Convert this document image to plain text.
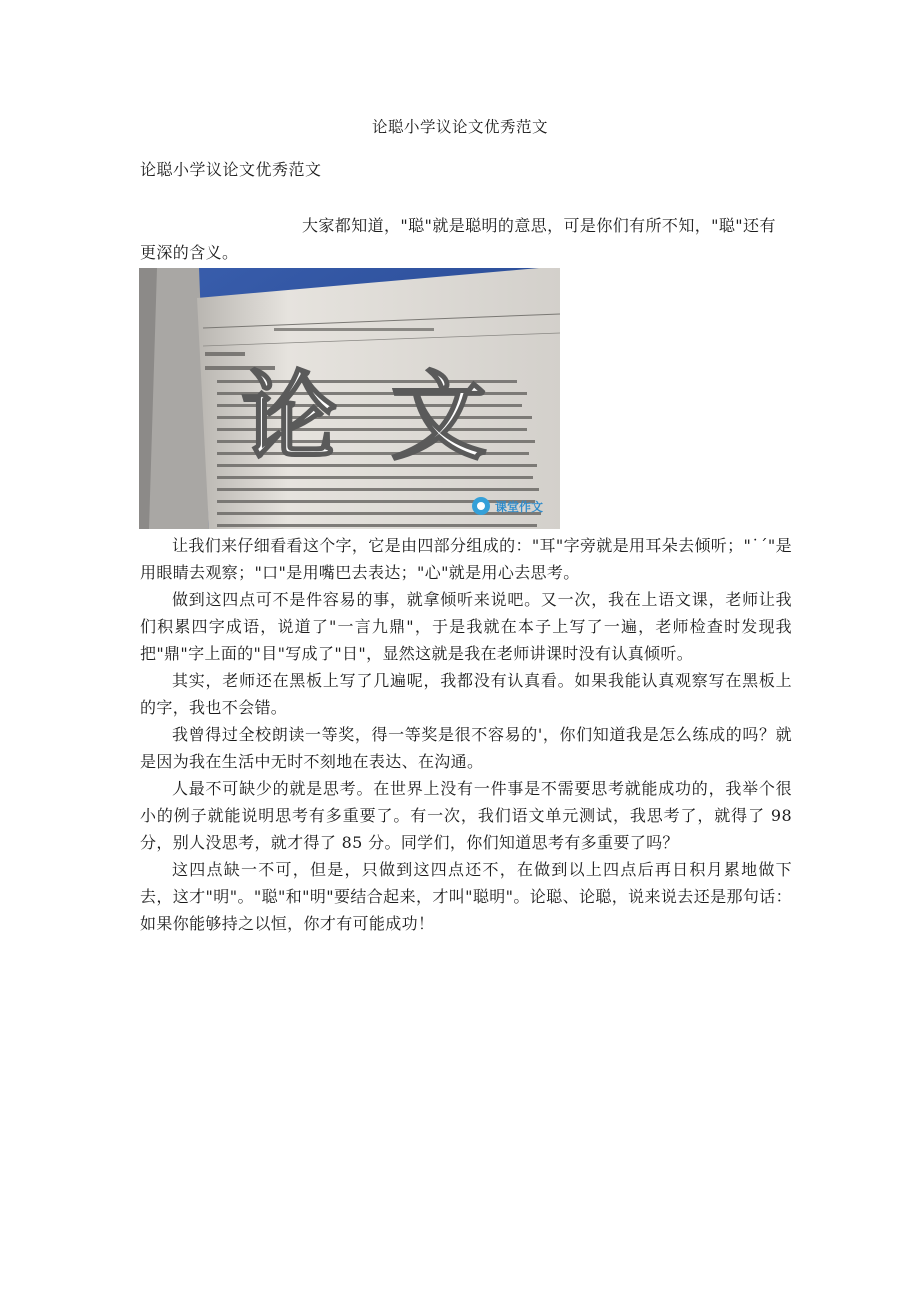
论聪小学议论文优秀范文
论聪小学议论文优秀范文
大家都知道，"聪"就是聪明的意思，可是你们有所不知，"聪"还有
更深的含义。
论 文
课堂作文

让我们来仔细看看这个字，它是由四部分组成的："耳"字旁就是用耳朵去倾听；"˙ˊ"是用眼睛去观察；"口"是用嘴巴去表达；"心"就是用心去思考。

做到这四点可不是件容易的事，就拿倾听来说吧。又一次，我在上语文课，老师让我们积累四字成语，说道了"一言九鼎"，于是我就在本子上写了一遍，老师检查时发现我把"鼎"字上面的"目"写成了"日"，显然这就是我在老师讲课时没有认真倾听。

其实，老师还在黑板上写了几遍呢，我都没有认真看。如果我能认真观察写在黑板上的字，我也不会错。

我曾得过全校朗读一等奖，得一等奖是很不容易的'，你们知道我是怎么练成的吗？就是因为我在生活中无时不刻地在表达、在沟通。

人最不可缺少的就是思考。在世界上没有一件事是不需要思考就能成功的，我举个很小的例子就能说明思考有多重要了。有一次，我们语文单元测试，我思考了，就得了 98 分，别人没思考，就才得了 85 分。同学们，你们知道思考有多重要了吗？

这四点缺一不可，但是，只做到这四点还不，在做到以上四点后再日积月累地做下去，这才"明"。"聪"和"明"要结合起来，才叫"聪明"。论聪、论聪，说来说去还是那句话：如果你能够持之以恒，你才有可能成功！
